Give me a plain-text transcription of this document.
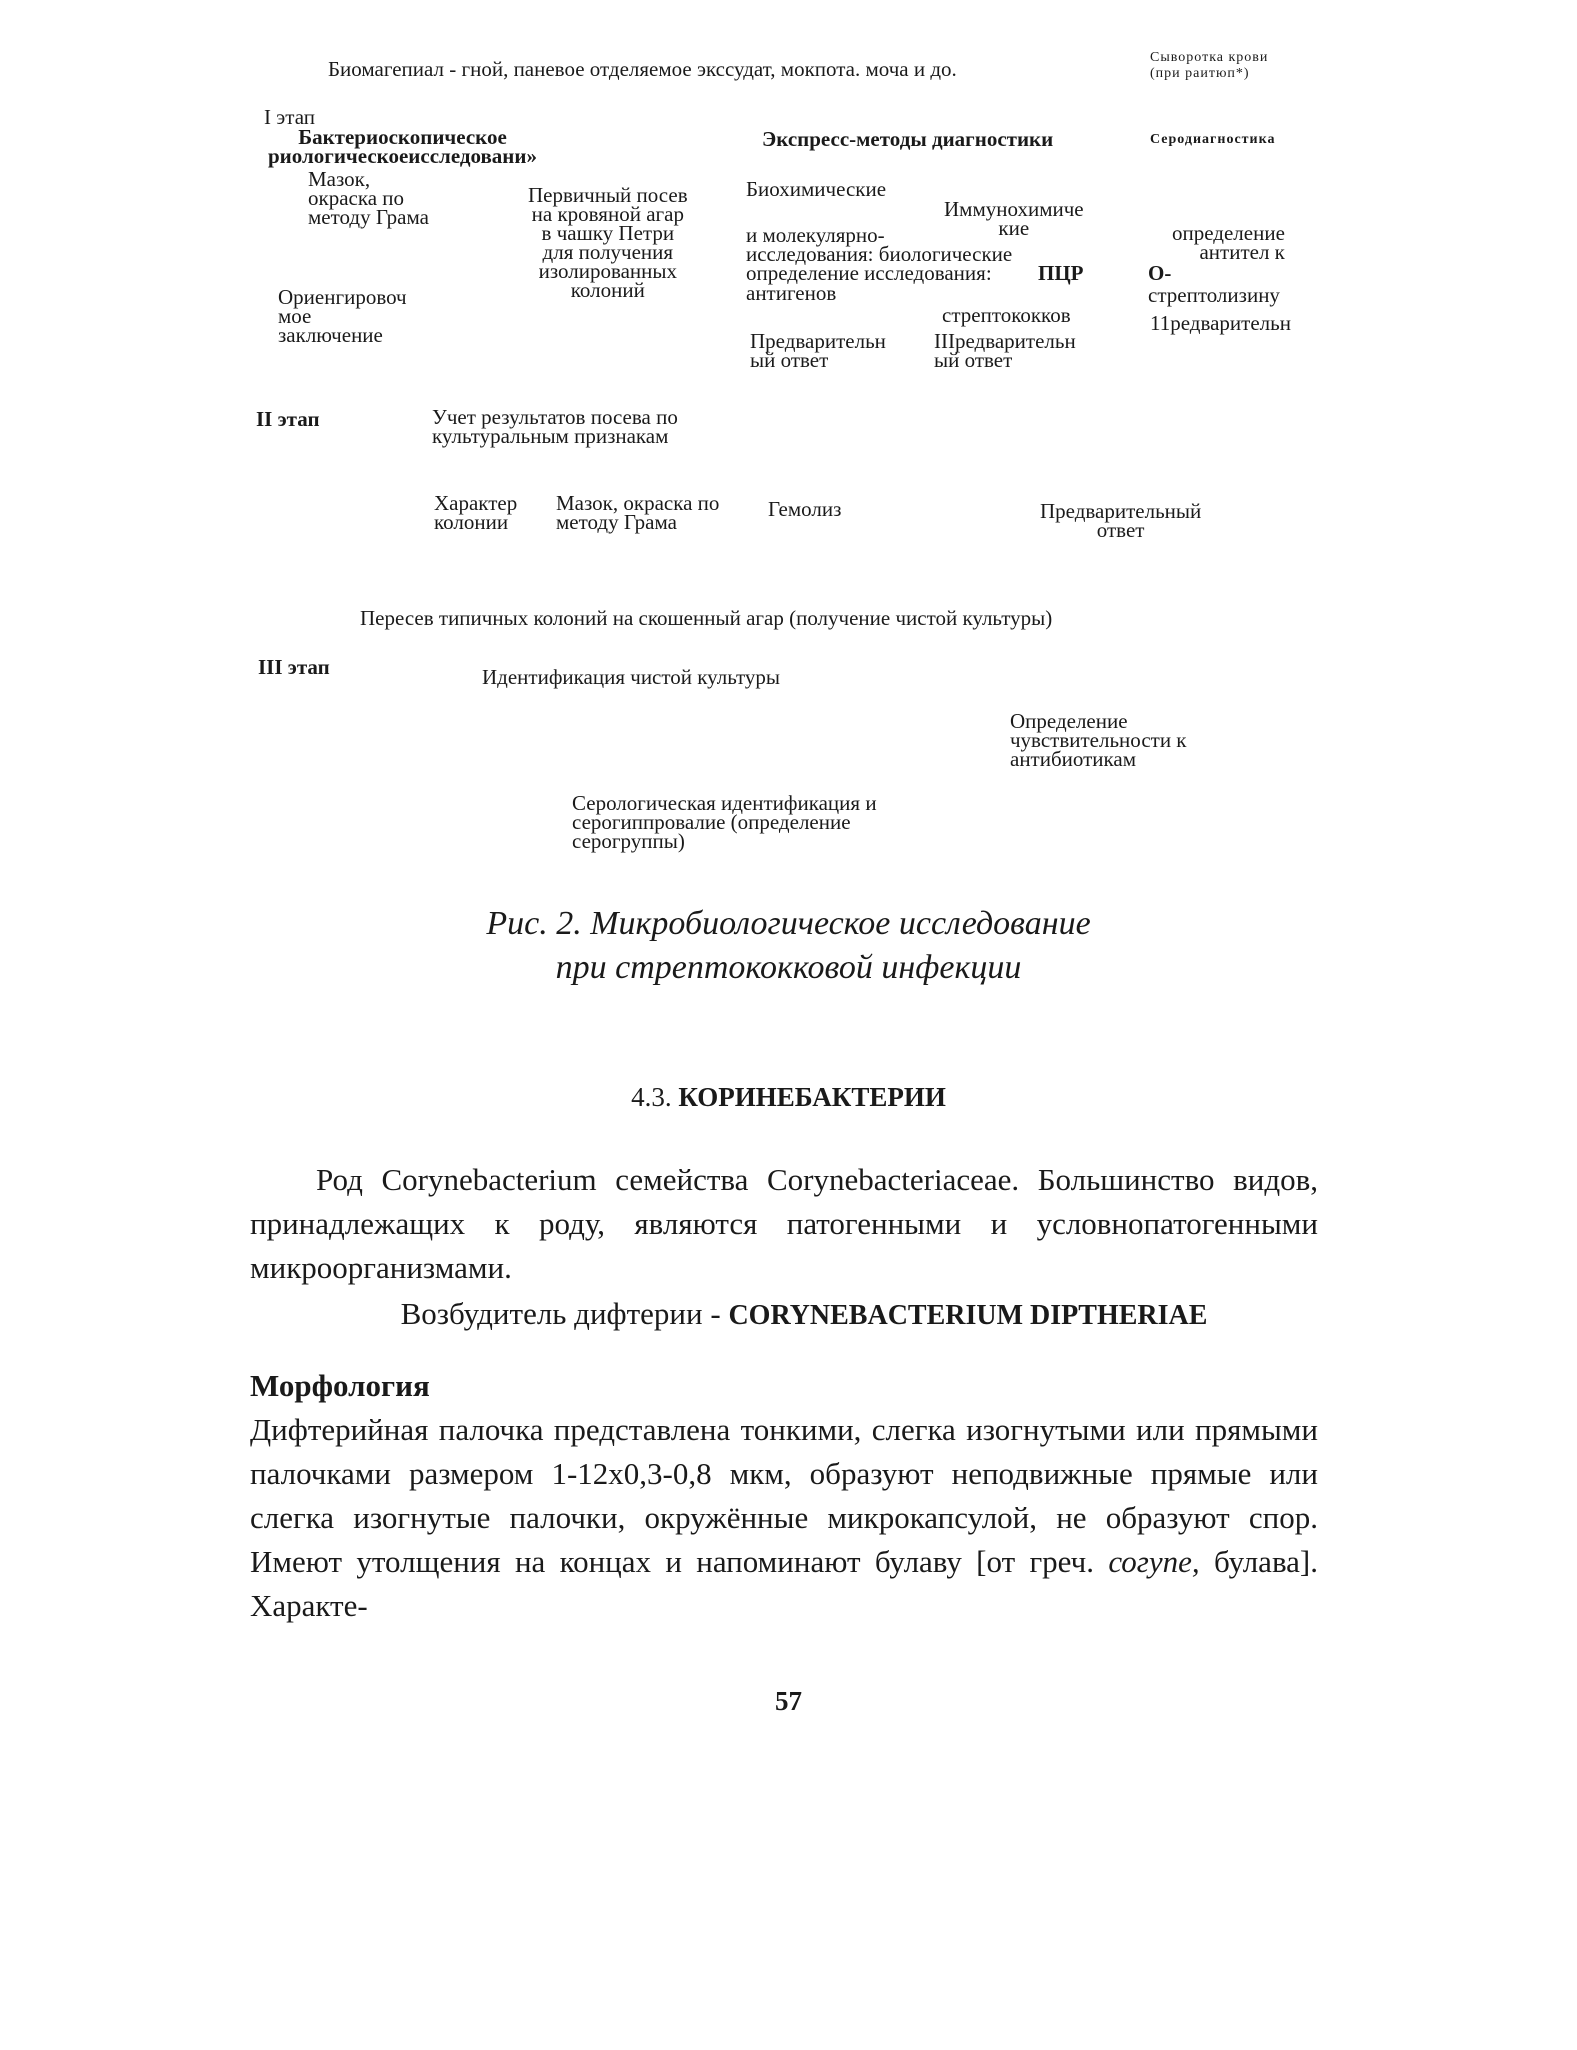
Биомагепиал - гной, паневое отделяемое экссудат, мокпота. моча и до.	Сыворотка крови
(при раитюп*)
I этап
Бактериоскопическое
риологическоеисследовани»
Мазок,
окраска по
методу Грама
Ориенгировоч
мое
заключение
Первичный посев
на кровяной агар
в чашку Петри
для получения
изолированных
колоний
Экспресс-методы диагностики
Биохимические
и молекулярно-
исследования: биологические
определение исследования:	ПЦР
антигенов
Иммунохимиче
кие
стрептококков
Предварительн
ый ответ
IIIредварительн
ый ответ
Серодиагностика
определение
антител к
О-
стрептолизину
11редварительн
II этап	Учет результатов посева по
культуральным признакам
Характер
колонии
Мазок, окраска по
методу Грама
Гемолиз	Предварительный
ответ
Пересев типичных колоний на скошенный агар (получение чистой культуры)
III этап	Идентификация чистой культуры
Определение
чувствительности к
антибиотикам
Серологическая идентификация и
серогиппровалие (определение
серогруппы)
Рис. 2. Микробиологическое исследование
при стрептококковой инфекции
4.3. КОРИНЕБАКТЕРИИ

Род Corynebacterium семейства Corynebacteriaceae. Большинство видов, принадлежащих к роду, являются патогенными и условнопатогенными микроорганизмами.

Возбудитель дифтерии - CORYNEBACTERIUM DIPTHERIAE

Морфология

Дифтерийная палочка представлена тонкими, слегка изогнутыми или прямыми палочками размером 1-12x0,3-0,8 мкм, образуют неподвижные прямые или слегка изогнутые палочки, окружённые микрокапсулой, не образуют спор. Имеют утолщения на концах и напоминают булаву [от греч. согуne, булава]. Характе-

57
